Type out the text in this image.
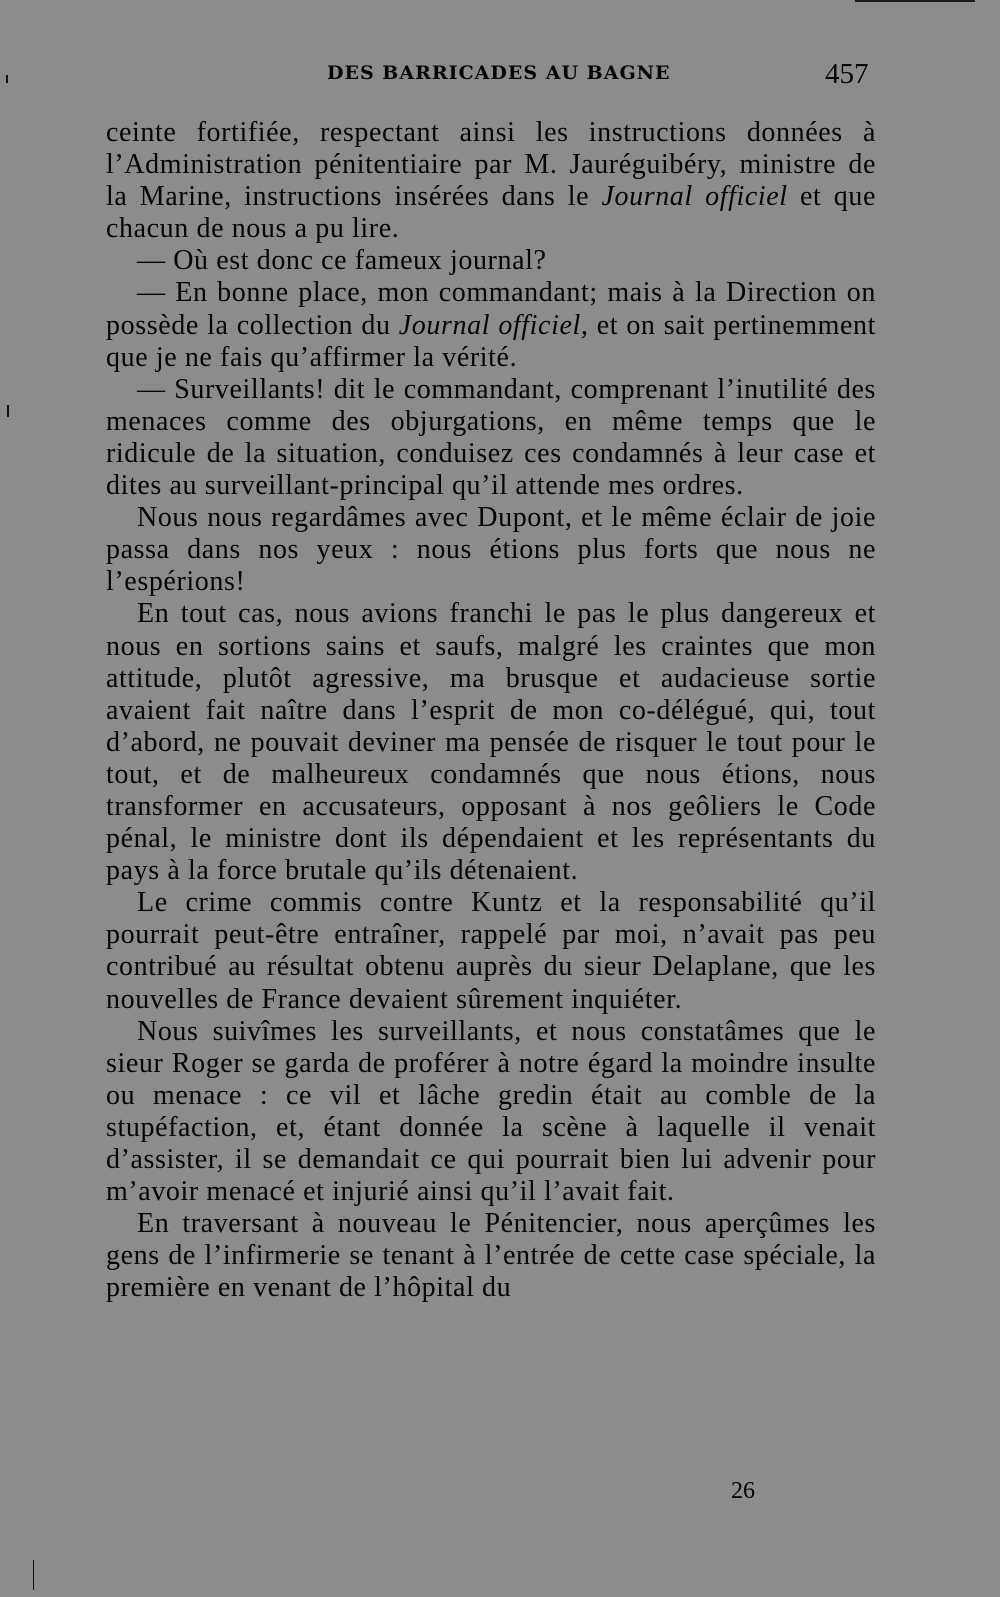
DES BARRICADES AU BAGNE	457

ceinte fortifiée, respectant ainsi les instructions données à l’Administration pénitentiaire par M. Jauréguibéry, ministre de la Marine, instructions insérées dans le Journal officiel et que chacun de nous a pu lire.

— Où est donc ce fameux journal?

— En bonne place, mon commandant; mais à la Direction on possède la collection du Journal officiel, et on sait pertinemment que je ne fais qu’affirmer la vérité.

— Surveillants! dit le commandant, comprenant l’inutilité des menaces comme des objurgations, en même temps que le ridicule de la situation, conduisez ces condamnés à leur case et dites au surveillant-principal qu’il attende mes ordres.

Nous nous regardâmes avec Dupont, et le même éclair de joie passa dans nos yeux : nous étions plus forts que nous ne l’espérions!

En tout cas, nous avions franchi le pas le plus dangereux et nous en sortions sains et saufs, malgré les craintes que mon attitude, plutôt agressive, ma brusque et audacieuse sortie avaient fait naître dans l’esprit de mon co-délégué, qui, tout d’abord, ne pouvait deviner ma pensée de risquer le tout pour le tout, et de malheureux condamnés que nous étions, nous transformer en accusateurs, opposant à nos geôliers le Code pénal, le ministre dont ils dépendaient et les représentants du pays à la force brutale qu’ils détenaient.

Le crime commis contre Kuntz et la responsabilité qu’il pourrait peut-être entraîner, rappelé par moi, n’avait pas peu contribué au résultat obtenu auprès du sieur Delaplane, que les nouvelles de France devaient sûrement inquiéter.

Nous suivîmes les surveillants, et nous constatâmes que le sieur Roger se garda de proférer à notre égard la moindre insulte ou menace : ce vil et lâche gredin était au comble de la stupéfaction, et, étant donnée la scène à laquelle il venait d’assister, il se demandait ce qui pourrait bien lui advenir pour m’avoir menacé et injurié ainsi qu’il l’avait fait.

En traversant à nouveau le Pénitencier, nous aperçûmes les gens de l’infirmerie se tenant à l’entrée de cette case spéciale, la première en venant de l’hôpital du

26
